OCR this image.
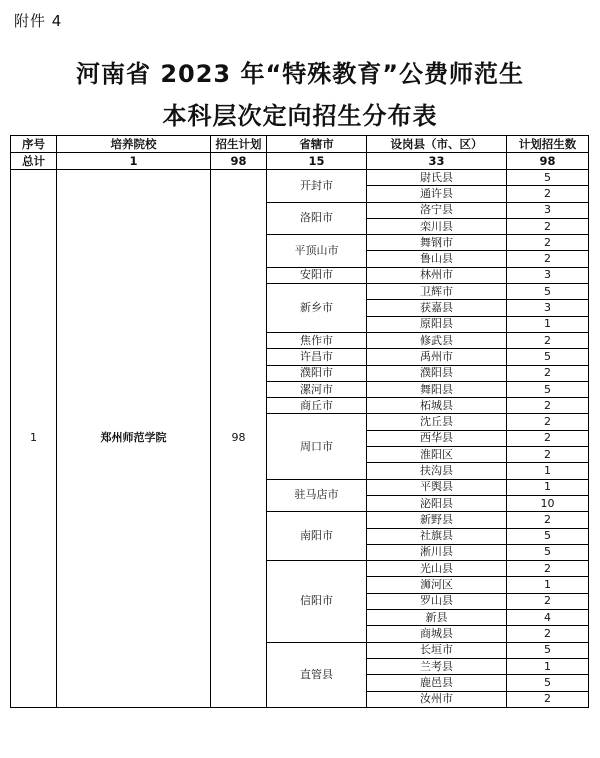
附件 4
河南省 2023 年“特殊教育”公费师范生
本科层次定向招生分布表
序号	培养院校	招生计划	省辖市	设岗县（市、区）	计划招生数
总计	1	98	15	33	98
1	郑州师范学院	98	开封市	尉氏县	5
				通许县	2
			洛阳市	洛宁县	3
				栾川县	2
			平顶山市	舞钢市	2
				鲁山县	2
			安阳市	林州市	3
			新乡市	卫辉市	5
				获嘉县	3
				原阳县	1
			焦作市	修武县	2
			许昌市	禹州市	5
			濮阳市	濮阳县	2
			漯河市	舞阳县	5
			商丘市	柘城县	2
			周口市	沈丘县	2
				西华县	2
				淮阳区	2
				扶沟县	1
			驻马店市	平舆县	1
				泌阳县	10
			南阳市	新野县	2
				社旗县	5
				淅川县	5
			信阳市	光山县	2
				浉河区	1
				罗山县	2
				新县	4
				商城县	2
			直管县	长垣市	5
				兰考县	1
				鹿邑县	5
				汝州市	2
